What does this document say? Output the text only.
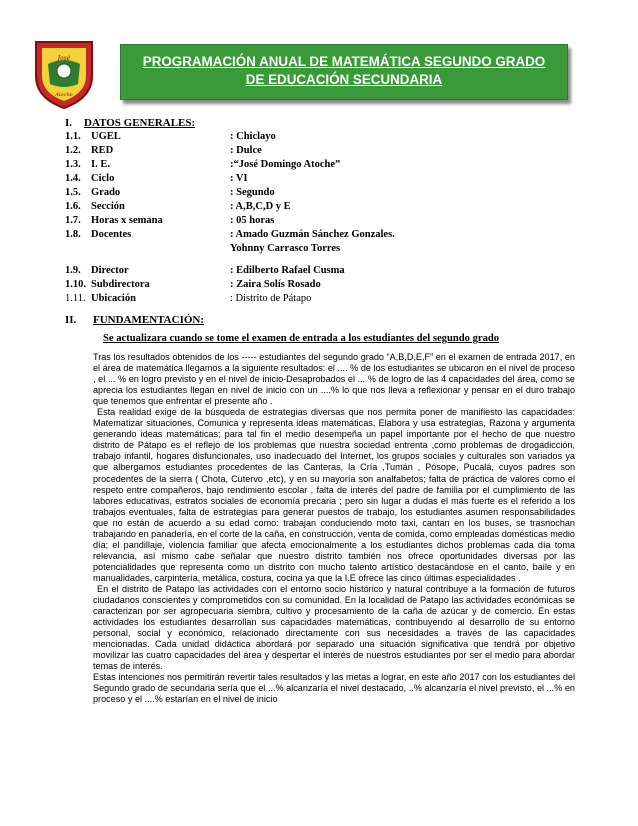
José
Atoche
PROGRAMACIÓN ANUAL DE MATEMÁTICA SEGUNDO GRADO
DE EDUCACIÓN SECUNDARIA
I. DATOS GENERALES:
1.1. UGEL	: Chiclayo
1.2. RED	: Dulce
1.3. I. E.	:“José Domingo Atoche”
1.4. Ciclo	: VI
1.5. Grado	: Segundo
1.6. Sección	: A,B,C,D y E
1.7. Horas x semana	: 05 horas
1.8. Docentes	: Amado Guzmán Sánchez Gonzales.
Yohnny Carrasco Torres
1.9. Director	: Edilberto Rafael Cusma
1.10. Subdirectora	: Zaira Solís Rosado
1.11. Ubicación	: Distrito de Pátapo
II. FUNDAMENTACIÓN:
Se actualizara cuando se tome el examen de entrada a los estudiantes del segundo grado

Tras los resultados obtenidos de los ----- estudiantes del segundo grado “A,B,D,E,F” en el examen de entrada 2017, en el área de matemática llegamos a la siguiente resultados: el .... % de los estudiantes se ubicaron en el nivel de proceso , el ... % en logro previsto y en el nivel de inicio-Desaprobados el ... % de logro de las 4 capacidades del área, como se aprecia los estudiantes llegan en nivel de inicio con un ....% lo que nos lleva a reflexionar y pensar en el duro trabajo que tenemos que enfrentar el presente año .

Esta realidad exige de la búsqueda de estrategias diversas que nos permita poner de manifiesto las capacidades: Matematizar situaciones, Comunica y representa ideas matemáticas, Elabora y usa estrategias, Razona y argumenta generando ideas matemáticas; para tal fin el medio desempeña un papel importante por el hecho de que nuestro distrito de Pátapo es el reflejo de los problemas que nuestra sociedad entrenta ,como problemas de drogadicción, trabajo infantil, hogares disfuncionales, uso inadecuado del Internet, los grupos sociales y culturales son variados ya que albergamos estudiantes procedentes de las Canteras, la Cría ,Tumán , Pósope, Pucalá, cuyos padres son procedentes de la sierra ( Chota, Cutervo ,etc), y en su mayoría son analfabetos; falta de práctica de valores como el respeto entre compañeros, bajo rendimiento escolar , falta de interés del padre de familia por el cumplimiento de las labores educativas, estratos sociales de economía precaria ; pero sin lugar a dudas el más fuerte es el referido a los trabajos eventuales, falta de estrategias para generar puestos de trabajo, los estudiantes asumen responsabilidades que no están de acuerdo a su edad como: trabajan conduciendo moto taxi, cantan en los buses, se trasnochan trabajando en panadería, en el corte de la caña, en construcción, venta de comida, como empleadas domésticas medio día; el pandillaje, violencia familiar que afecta emocionalmente a los estudiantes dichos problemas cada día toma relevancia, así mismo cabe señalar que nuestro distrito también nos ofrece oportunidades diversas por las potencialidades que representa como un distrito con mucho talento artístico destacándose en el canto, baile y en manualidades, carpintería, metálica, costura, cocina ya que la I.E ofrece las cinco últimas especialidades .

En el distrito de Patapo las actividades con el entorno socio histórico y natural contribuye a la formación de futuros ciudadanos conscientes y comprometidos con su comunidad. En la localidad de Patapo las actividades económicas se caracterizan por ser agropecuaria siembra, cultivo y procesamiento de la caña de azúcar y de comercio. En estas actividades los estudiantes desarrollan sus capacidades matemáticas, contribuyendo al desarrollo de su entorno personal, social y económico, relacionado directamente con sus necesidades a través de las capacidades mencionadas. Cada unidad didáctica abordará por separado una situación significativa que tendrá por objetivo movilizar las cuatro capacidades del área y despertar el interés de nuestros estudiantes por ser el medio para abordar temas de interés.

Estas intenciones nos permitirán revertir tales resultados y las metas a lograr, en este año 2017 con los estudiantes del Segundo grado de secundaria sería que el ...% alcanzaría el nivel destacado, ..% alcanzaría el nivel previsto, el ...% en proceso y el ....% estarían en el nivel de inicio
